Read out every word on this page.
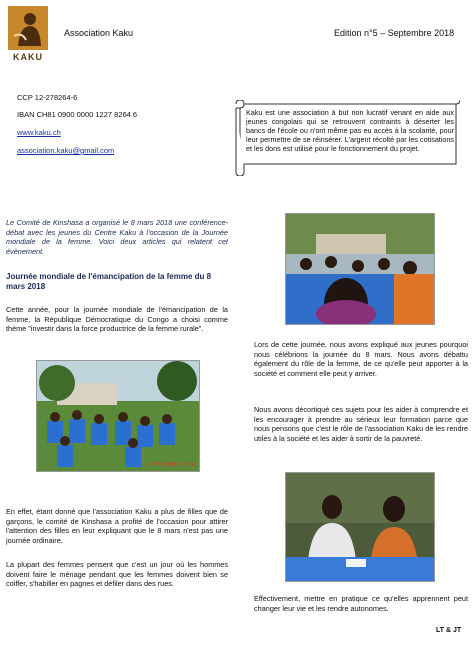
KAKU
Association Kaku	Edition n°5 – Septembre 2018
CCP 12-278264-6
IBAN CH81 0900 0000 1227 8264 6
www.kaku.ch
association.kaku@gmail.com
Kaku est une association à but non lucratif venant en aide aux jeunes congolais qui se retrouvent contraints à déserter les bancs de l'école ou n'ont même pas eu accès à la scolarité, pour leur permettre de se réinsérer. L'argent récolté par les cotisations et les dons est utilisé pour le fonctionnement du projet.
Le Comité de Kinshasa a organisé le 8 mars 2018 une conférence-débat avec les jeunes du Centre Kaku à l'occasion de la Journée mondiale de la femme. Voici deux articles qui relatent cet évènement.
Journée mondiale de l'émancipation de la femme du 8 mars 2018
Cette année, pour la journée mondiale de l'émancipation de la femme, la République Démocratique du Congo a choisi comme thème "investir dans la force productrice de la femme rurale".
27/03/2018 11:56
En effet, étant donné que l'association Kaku a plus de filles que de garçons, le comité de Kinshasa a profité de l'occasion pour attirer l'attention des filles en leur expliquant que le 8 mars n'est pas une journée ordinaire.
La plupart des femmes pensent que c'est un jour où les hommes doivent faire le ménage pendant que les femmes doivent bien se coiffer, s'habiller en pagnes et défiler dans des rues.
Lors de cette journée, nous avons expliqué aux jeunes pourquoi nous célébrions la journée du 8 mars. Nous avons débattu également du rôle de la femme, de ce qu'elle peut apporter à la société et comment elle peut y arriver.
Nous avons décortiqué ces sujets pour les aider à comprendre et les encourager à prendre au sérieux leur formation parce que nous pensons que c'est le rôle de l'association Kaku de les rendre utiles à la société et les aider à sortir de la pauvreté.
Effectivement, mettre en pratique ce qu'elles apprennent peut changer leur vie et les rendre autonomes.
LT & JT
